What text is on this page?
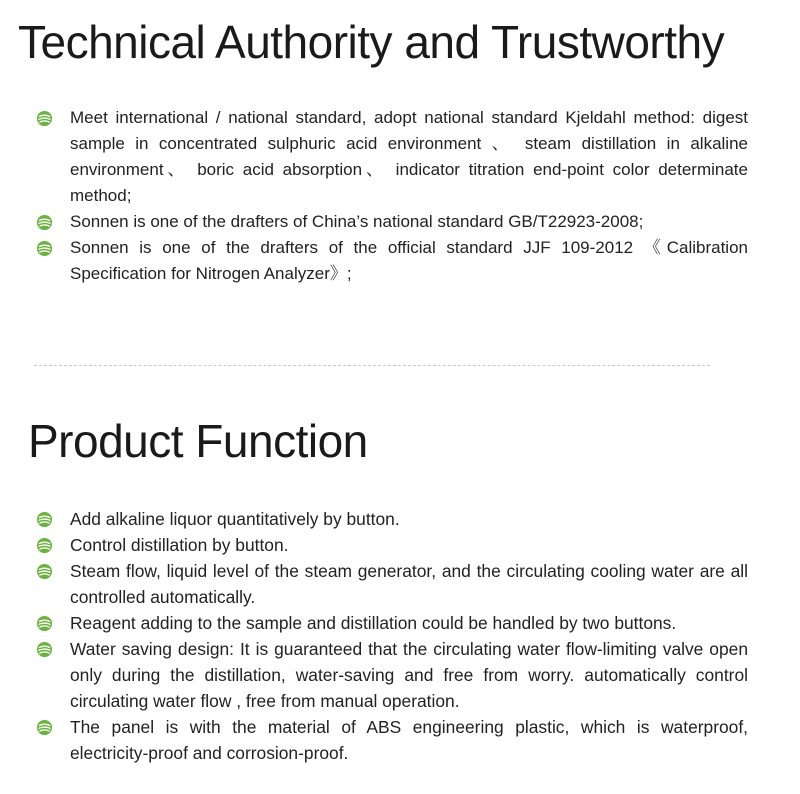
Technical Authority and Trustworthy
Meet international / national standard, adopt national standard Kjeldahl method: digest sample in concentrated sulphuric acid environment 、 steam distillation in alkaline environment、 boric acid absorption、 indicator titration end-point color determinate method;
Sonnen is one of the drafters of China’s national standard GB/T22923-2008;
Sonnen is one of the drafters of the official standard JJF 109-2012 《Calibration Specification for Nitrogen Analyzer》;
Product Function
Add alkaline liquor quantitatively by button.
Control distillation by button.
Steam flow, liquid level of the steam generator, and the circulating cooling water are all controlled automatically.
Reagent adding to the sample and distillation could be handled by two buttons.
Water saving design: It is guaranteed that the circulating water flow-limiting valve open only during the distillation, water-saving and free from worry. automatically control circulating water flow , free from manual operation.
The panel is with the material of ABS engineering plastic, which is waterproof, electricity-proof and corrosion-proof.
